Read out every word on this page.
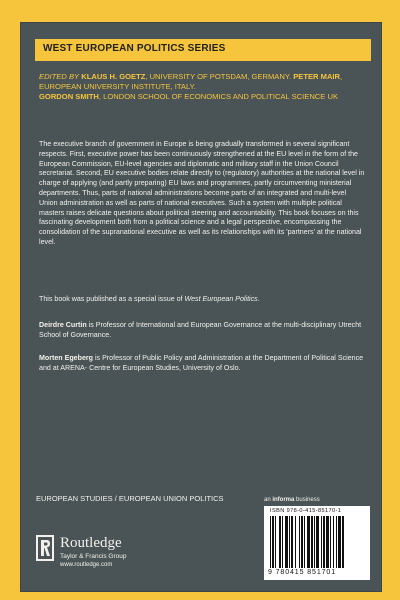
WEST EUROPEAN POLITICS SERIES
EDITED BY KLAUS H. GOETZ, UNIVERSITY OF POTSDAM, GERMANY. PETER MAIR, EUROPEAN UNIVERSITY INSTITUTE, ITALY.
GORDON SMITH, LONDON SCHOOL OF ECONOMICS AND POLITICAL SCIENCE UK
The executive branch of government in Europe is being gradually transformed in several significant respects. First, executive power has been continuously strengthened at the EU level in the form of the European Commission, EU-level agencies and diplomatic and military staff in the Union Council secretariat. Second, EU executive bodies relate directly to (regulatory) authorities at the national level in charge of applying (and partly preparing) EU laws and programmes, partly circumventing ministerial departments. Thus, parts of national administrations become parts of an integrated and multi-level Union administration as well as parts of national executives. Such a system with multiple political masters raises delicate questions about political steering and accountability. This book focuses on this fascinating development both from a political science and a legal perspective, encompassing the consolidation of the supranational executive as well as its relationships with its 'partners' at the national level.
This book was published as a special issue of West European Politics.
Deirdre Curtin is Professor of International and European Governance at the multi-disciplinary Utrecht School of Governance.
Morten Egeberg is Professor of Public Policy and Administration at the Department of Political Science and at ARENA- Centre for European Studies, University of Oslo.
EUROPEAN STUDIES / EUROPEAN UNION POLITICS	an informa business
Routledge
Taylor & Francis Group
www.routledge.com
ISBN 978-0-415-85170-1
9 780415 851701
